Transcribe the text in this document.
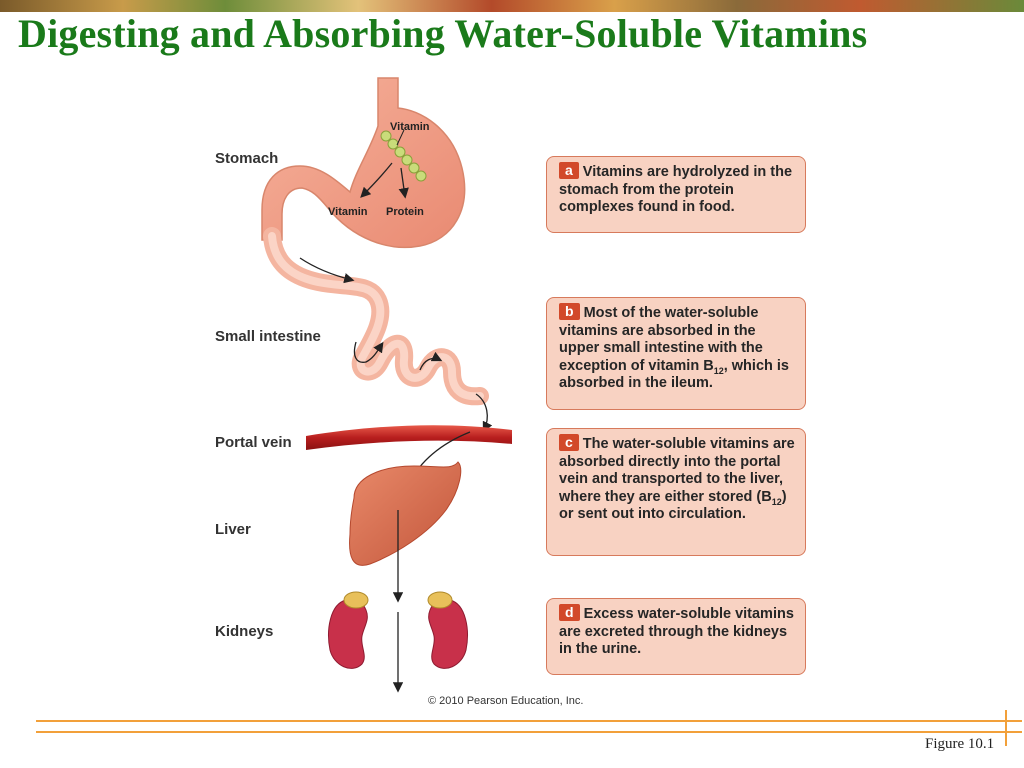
Digesting and Absorbing Water-Soluble Vitamins
Vitamin
Vitamin Protein
Stomach
Small intestine
Portal vein
Liver
Kidneys
a Vitamins are hydrolyzed in the stomach from the protein complexes found in food.
b Most of the water-soluble vitamins are absorbed in the upper small intestine with the exception of vitamin $B_{12}$, which is absorbed in the ileum.
c The water-soluble vitamins are absorbed directly into the portal vein and transported to the liver, where they are either stored $(B_{12})$ or sent out into circulation.
d Excess water-soluble vitamins are excreted through the kidneys in the urine.
© 2010 Pearson Education, Inc.
Figure 10.1
